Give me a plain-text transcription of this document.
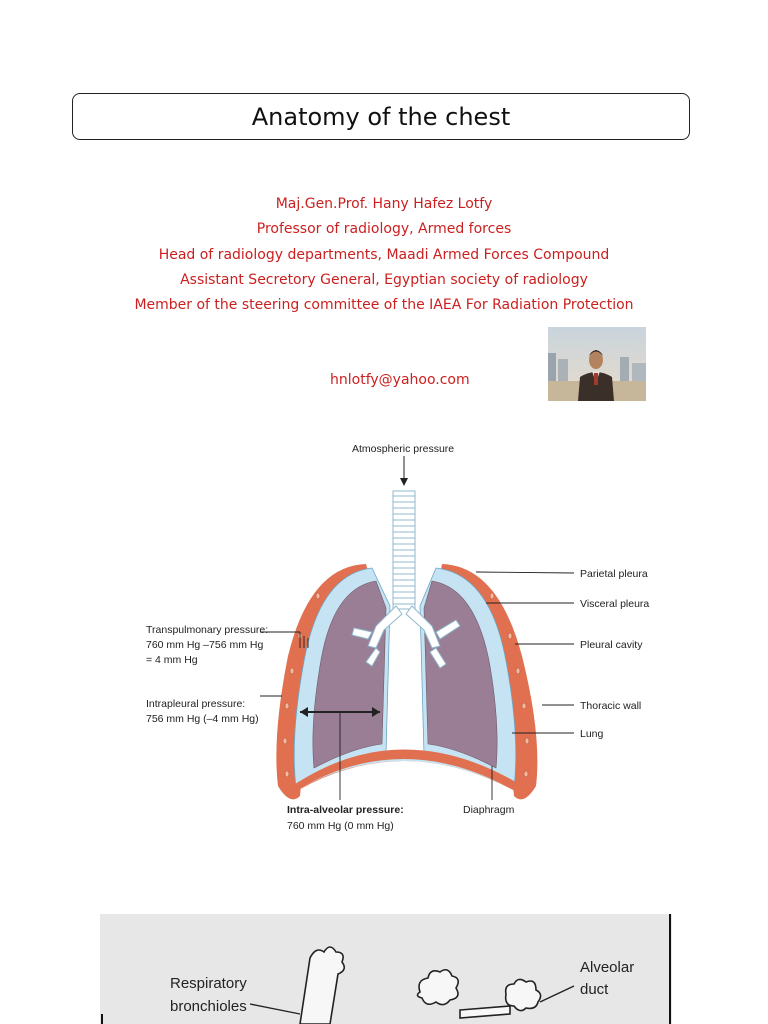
Anatomy of the chest
Maj.Gen.Prof. Hany Hafez Lotfy
Professor of radiology, Armed forces
Head of radiology departments, Maadi Armed Forces Compound
Assistant Secretory General, Egyptian society of radiology
Member of the steering committee of the IAEA For Radiation Protection
hnlotfy@yahoo.com
Atmospheric pressure
Transpulmonary pressure:
760 mm Hg –756 mm Hg
= 4 mm Hg
Intrapleural pressure:
756 mm Hg (–4 mm Hg)
Intra-alveolar pressure:
760 mm Hg (0 mm Hg)
Diaphragm
Parietal pleura
Visceral pleura
Pleural cavity
Thoracic wall
Lung
Respiratory
bronchioles
Alveolar
duct
